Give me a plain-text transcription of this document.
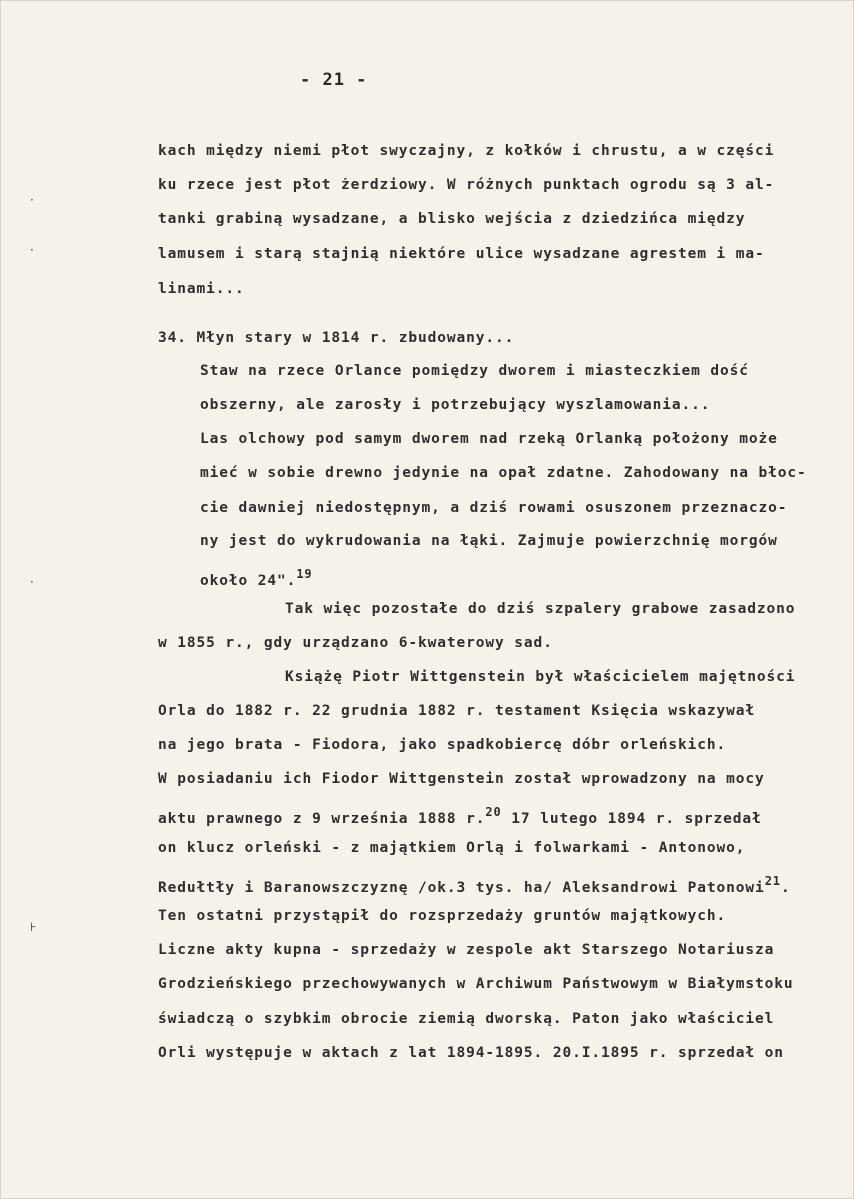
- 21 -
kach między niemi płot swyczajny, z kołków i chrustu, a w części
ku rzece jest płot żerdziowy. W różnych punktach ogrodu są 3 al-
tanki grabiną wysadzane, a blisko wejścia z dziedzińca między
lamusem i starą stajnią niektóre ulice wysadzane agrestem i ma-
linami...
34. Młyn stary w 1814 r. zbudowany...
Staw na rzece Orlance pomiędzy dworem i miasteczkiem dość
obszerny, ale zarosły i potrzebujący wyszlamowania...
Las olchowy pod samym dworem nad rzeką Orlanką położony może
mieć w sobie drewno jedynie na opał zdatne. Zahodowany na błoc-
cie dawniej niedostępnym, a dziś rowami osuszonem przeznaczo-
ny jest do wykrudowania na łąki. Zajmuje powierzchnię morgów
około 24".$^{19}$
Tak więc pozostałe do dziś szpalery grabowe zasadzono
w 1855 r., gdy urządzano 6-kwaterowy sad.
Książę Piotr Wittgenstein był właścicielem majętności
Orla do 1882 r. 22 grudnia 1882 r. testament Księcia wskazywał
na jego brata - Fiodora, jako spadkobiercę dóbr orleńskich.
W posiadaniu ich Fiodor Wittgenstein został wprowadzony na mocy
aktu prawnego z 9 września 1888 r.$^{20}$ 17 lutego 1894 r. sprzedał
on klucz orleński - z majątkiem Orlą i folwarkami - Antonowo,
Redułtły i Baranowszczyznę /ok.3 tys. ha/ Aleksandrowi Patonowi$^{21}$.
Ten ostatni przystąpił do rozsprzedaży gruntów majątkowych.
Liczne akty kupna - sprzedaży w zespole akt Starszego Notariusza
Grodzieńskiego przechowywanych w Archiwum Państwowym w Białymstoku
świadczą o szybkim obrocie ziemią dworską. Paton jako właściciel
Orli występuje w aktach z lat 1894-1895. 20.I.1895 r. sprzedał on
·
·
·
⊦
